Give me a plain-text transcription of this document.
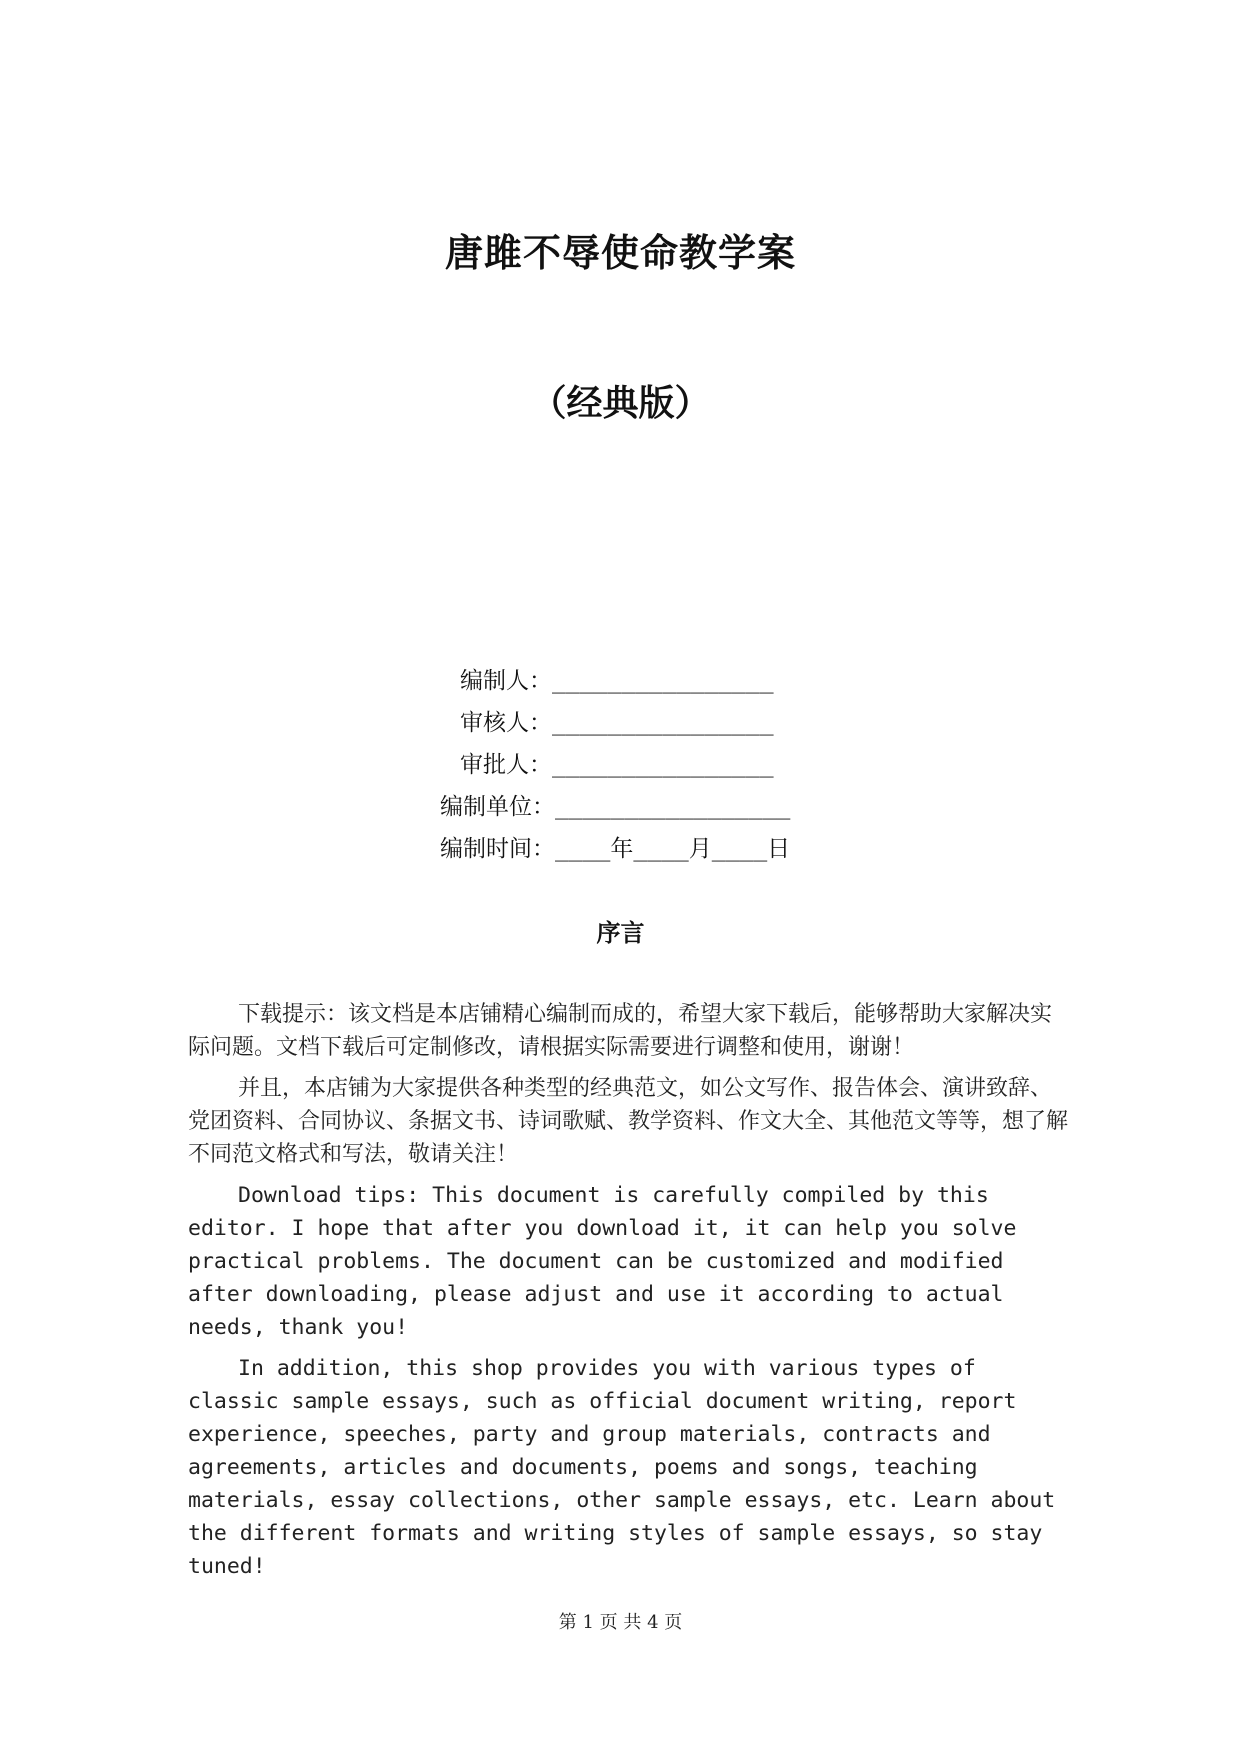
唐雎不辱使命教学案
（经典版）
编制人：________________
审核人：________________
审批人：________________
编制单位：_________________
编制时间：____年____月____日
序言

下载提示：该文档是本店铺精心编制而成的，希望大家下载后，能够帮助大家解决实际问题。文档下载后可定制修改，请根据实际需要进行调整和使用，谢谢！

并且，本店铺为大家提供各种类型的经典范文，如公文写作、报告体会、演讲致辞、党团资料、合同协议、条据文书、诗词歌赋、教学资料、作文大全、其他范文等等，想了解不同范文格式和写法，敬请关注！

Download tips: This document is carefully compiled by this editor. I hope that after you download it, it can help you solve practical problems. The document can be customized and modified after downloading, please adjust and use it according to actual needs, thank you!

In addition, this shop provides you with various types of classic sample essays, such as official document writing, report experience, speeches, party and group materials, contracts and agreements, articles and documents, poems and songs, teaching materials, essay collections, other sample essays, etc. Learn about the different formats and writing styles of sample essays, so stay tuned!

第 1 页 共 4 页
